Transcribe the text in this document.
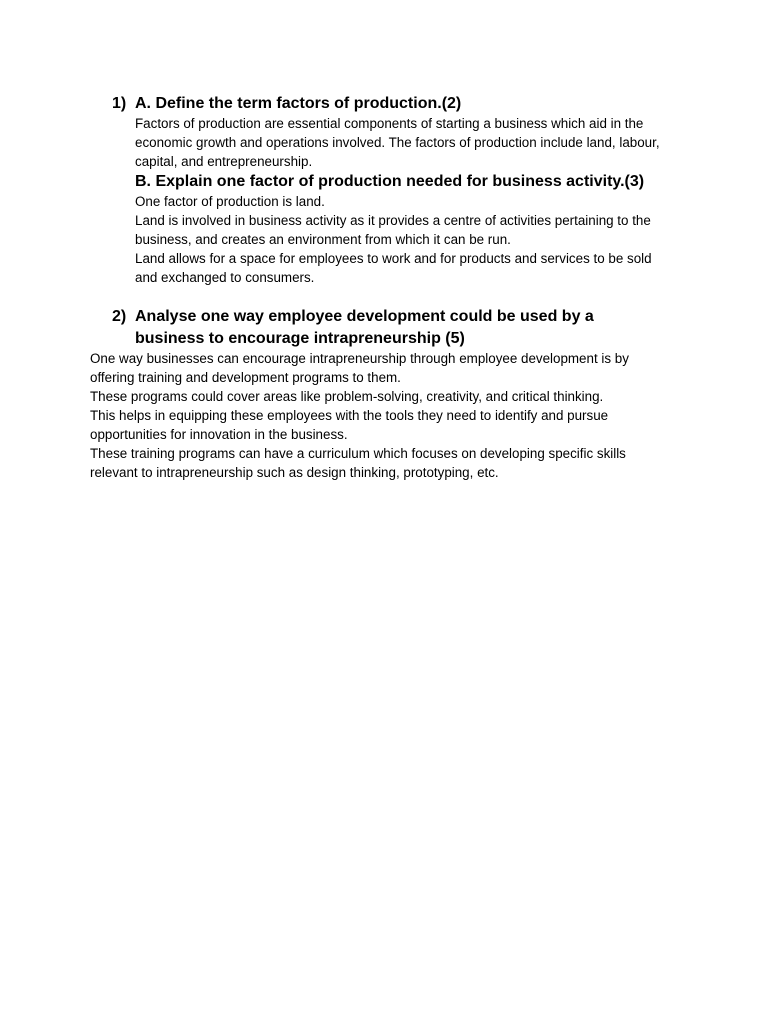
1) A. Define the term factors of production.(2)
Factors of production are essential components of starting a business which aid in the
economic growth and operations involved. The factors of production include land, labour,
capital, and entrepreneurship.
B. Explain one factor of production needed for business activity.(3)
One factor of production is land.
Land is involved in business activity as it provides a centre of activities pertaining to the
business, and creates an environment from which it can be run.
Land allows for a space for employees to work and for products and services to be sold
and exchanged to consumers.
2) Analyse one way employee development could be used by a
business to encourage intrapreneurship (5)
One way businesses can encourage intrapreneurship through employee development is by
offering training and development programs to them.
These programs could cover areas like problem-solving, creativity, and critical thinking.
This helps in equipping these employees with the tools they need to identify and pursue
opportunities for innovation in the business.
These training programs can have a curriculum which focuses on developing specific skills
relevant to intrapreneurship such as design thinking, prototyping, etc.
